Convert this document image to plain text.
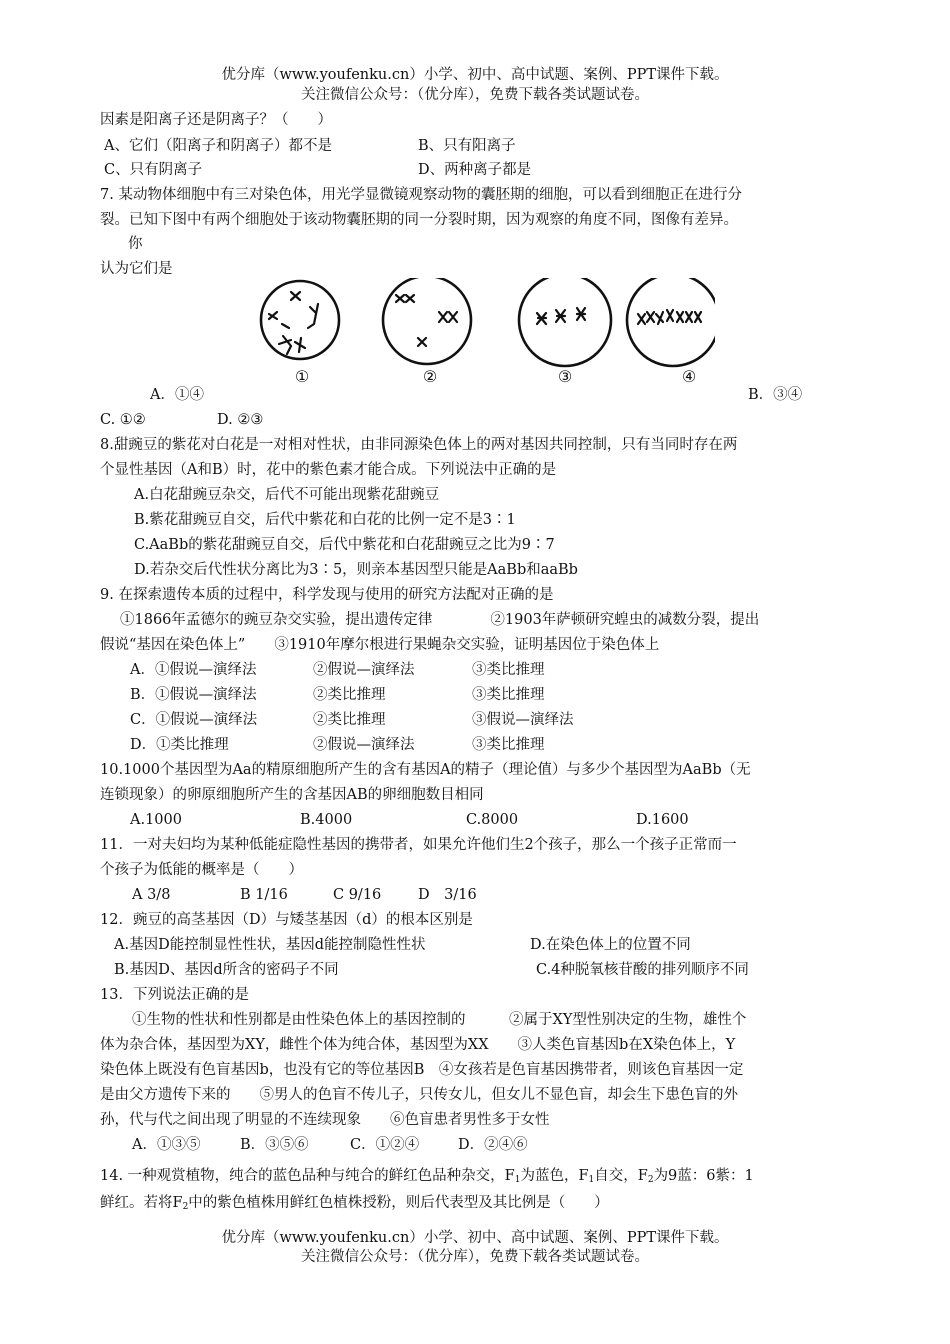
优分库（www.youfenku.cn）小学、初中、高中试题、案例、PPT课件下载。
关注微信公众号：（优分库），免费下载各类试题试卷。
因素是阳离子还是阴离子？（　　）
A、它们（阳离子和阴离子）都不是	B、只有阳离子
C、只有阴离子	D、两种离子都是
7. 某动物体细胞中有三对染色体，用光学显微镜观察动物的囊胚期的细胞，可以看到细胞正在进行分
裂。已知下图中有两个细胞处于该动物囊胚期的同一分裂时期，因为观察的角度不同，图像有差异。
你
认为它们是
①	②	③	④
A．①④	B．③④
C. ①②	D. ②③
8.甜豌豆的紫花对白花是一对相对性状，由非同源染色体上的两对基因共同控制，只有当同时存在两
个显性基因（A和B）时，花中的紫色素才能合成。下列说法中正确的是
A.白花甜豌豆杂交，后代不可能出现紫花甜豌豆
B.紫花甜豌豆自交，后代中紫花和白花的比例一定不是3∶1
C.AaBb的紫花甜豌豆自交，后代中紫花和白花甜豌豆之比为9∶7
D.若杂交后代性状分离比为3∶5，则亲本基因型只能是AaBb和aaBb
9. 在探索遗传本质的过程中，科学发现与使用的研究方法配对正确的是
①1866年孟德尔的豌豆杂交实验，提出遗传定律　　　　②1903年萨顿研究蝗虫的减数分裂，提出
假说“基因在染色体上”　　③1910年摩尔根进行果蝇杂交实验，证明基因位于染色体上
A．①假说—演绎法	②假说—演绎法	③类比推理
B．①假说—演绎法	②类比推理	③类比推理
C．①假说—演绎法	②类比推理	③假说—演绎法
D．①类比推理	②假说—演绎法	③类比推理
10.1000个基因型为Aa的精原细胞所产生的含有基因A的精子（理论值）与多少个基因型为AaBb（无
连锁现象）的卵原细胞所产生的含基因AB的卵细胞数目相同
A.1000	B.4000	C.8000	D.1600
11．一对夫妇均为某种低能症隐性基因的携带者，如果允许他们生2个孩子，那么一个孩子正常而一
个孩子为低能的概率是（　　）
A 3/8	B 1/16	C 9/16	D　3/16
12．豌豆的高茎基因（D）与矮茎基因（d）的根本区别是
A.基因D能控制显性性状，基因d能控制隐性性状	D.在染色体上的位置不同
B.基因D、基因d所含的密码子不同	C.4种脱氧核苷酸的排列顺序不同
13．下列说法正确的是
①生物的性状和性别都是由性染色体上的基因控制的　　　②属于XY型性别决定的生物，雄性个
体为杂合体，基因型为XY，雌性个体为纯合体，基因型为XX　　③人类色盲基因b在X染色体上，Y
染色体上既没有色盲基因b，也没有它的等位基因B　④女孩若是色盲基因携带者，则该色盲基因一定
是由父方遗传下来的　　⑤男人的色盲不传儿子，只传女儿，但女儿不显色盲，却会生下患色盲的外
孙，代与代之间出现了明显的不连续现象　　⑥色盲患者男性多于女性
A．①③⑤	B．③⑤⑥	C．①②④	D．②④⑥
14. 一种观赏植物，纯合的蓝色品种与纯合的鲜红色品种杂交，$F_1$为蓝色，$F_1$自交，$F_2$为9蓝：6紫：1
鲜红。若将$F_2$中的紫色植株用鲜红色植株授粉，则后代表型及其比例是（　　）
优分库（www.youfenku.cn）小学、初中、高中试题、案例、PPT课件下载。
关注微信公众号：（优分库），免费下载各类试题试卷。
